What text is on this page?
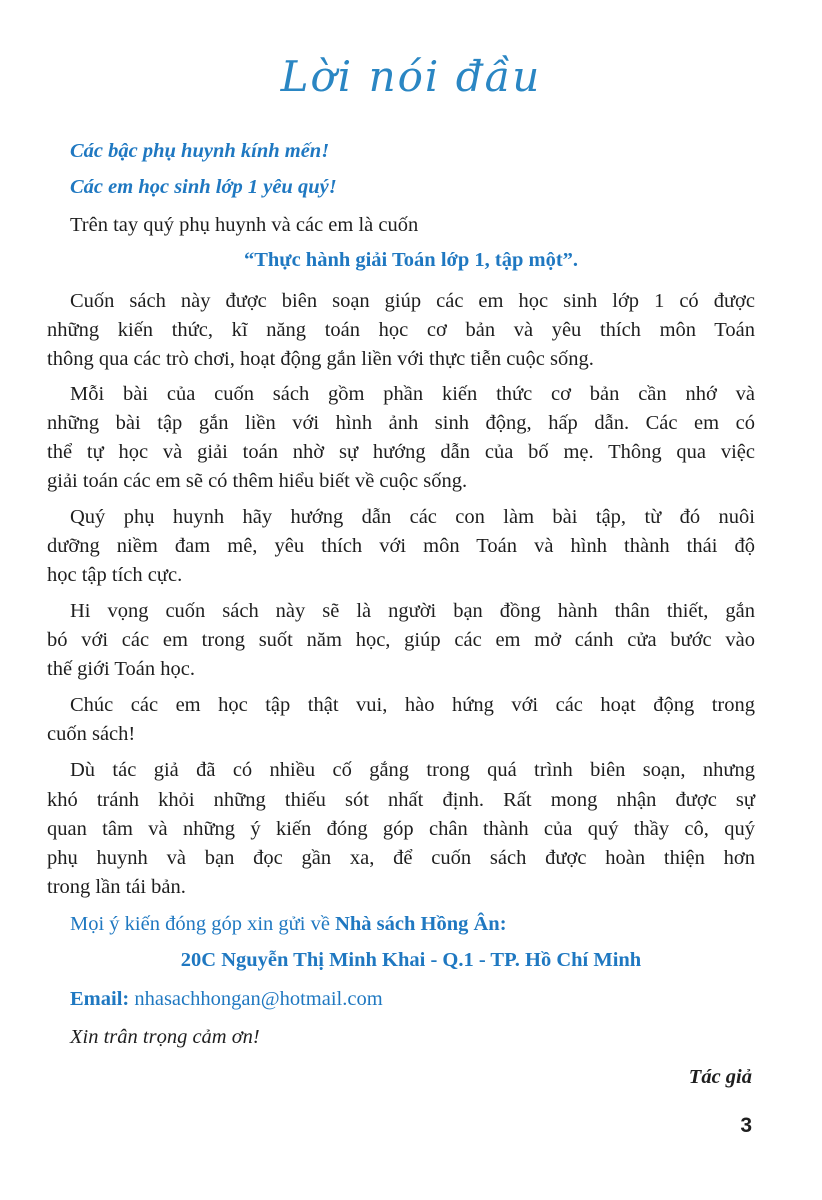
Lời nói đầu
Các bậc phụ huynh kính mến!
Các em học sinh lớp 1 yêu quý!
Trên tay quý phụ huynh và các em là cuốn
“Thực hành giải Toán lớp 1, tập một”.
Cuốn sách này được biên soạn giúp các em học sinh lớp 1 có được
những kiến thức, kĩ năng toán học cơ bản và yêu thích môn Toán
thông qua các trò chơi, hoạt động gắn liền với thực tiễn cuộc sống.
Mỗi bài của cuốn sách gồm phần kiến thức cơ bản cần nhớ và
những bài tập gắn liền với hình ảnh sinh động, hấp dẫn. Các em có
thể tự học và giải toán nhờ sự hướng dẫn của bố mẹ. Thông qua việc
giải toán các em sẽ có thêm hiểu biết về cuộc sống.
Quý phụ huynh hãy hướng dẫn các con làm bài tập, từ đó nuôi
dưỡng niềm đam mê, yêu thích với môn Toán và hình thành thái độ
học tập tích cực.
Hi vọng cuốn sách này sẽ là người bạn đồng hành thân thiết, gắn
bó với các em trong suốt năm học, giúp các em mở cánh cửa bước vào
thế giới Toán học.
Chúc các em học tập thật vui, hào hứng với các hoạt động trong
cuốn sách!
Dù tác giả đã có nhiều cố gắng trong quá trình biên soạn, nhưng
khó tránh khỏi những thiếu sót nhất định. Rất mong nhận được sự
quan tâm và những ý kiến đóng góp chân thành của quý thầy cô, quý
phụ huynh và bạn đọc gần xa, để cuốn sách được hoàn thiện hơn
trong lần tái bản.
Mọi ý kiến đóng góp xin gửi về Nhà sách Hồng Ân:
20C Nguyễn Thị Minh Khai - Q.1 - TP. Hồ Chí Minh
Email: nhasachhongan@hotmail.com
Xin trân trọng cảm ơn!
Tác giả
3
